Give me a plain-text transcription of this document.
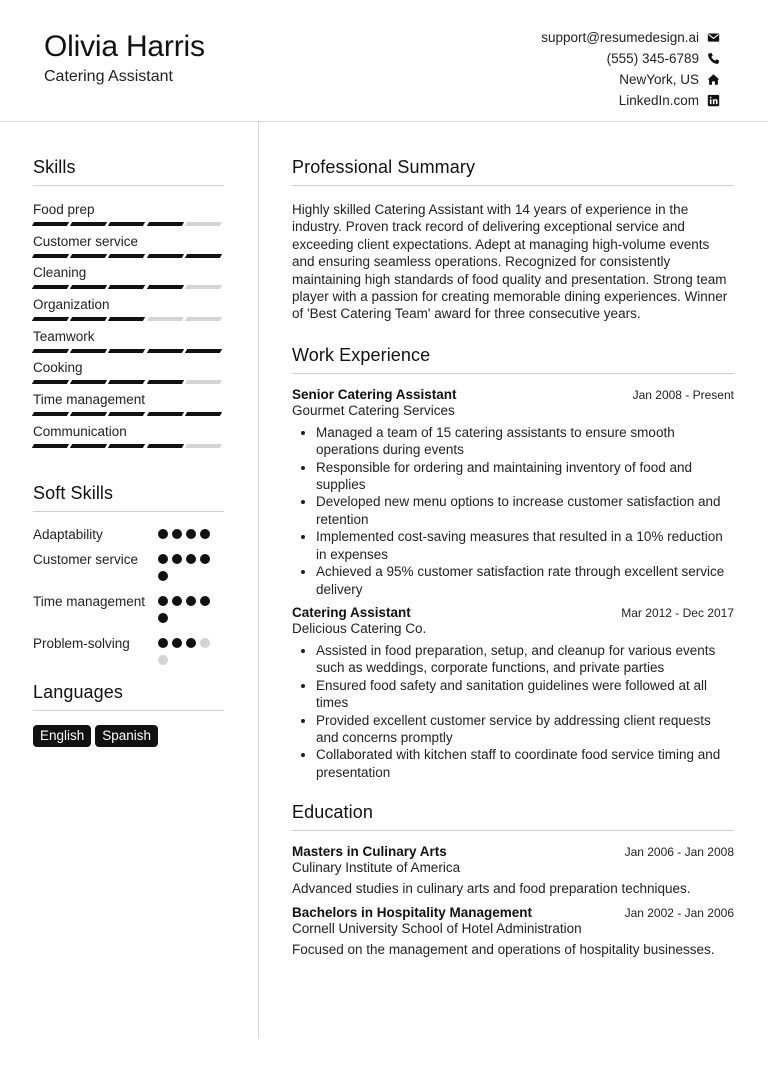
Olivia Harris
Catering Assistant
support@resumedesign.ai
(555) 345-6789
NewYork, US
LinkedIn.com
Skills
Food prep
Customer service
Cleaning
Organization
Teamwork
Cooking
Time management
Communication
Soft Skills
Adaptability
Customer service
Time management
Problem-solving
Languages
English	Spanish
Professional Summary
Highly skilled Catering Assistant with 14 years of experience in the industry. Proven track record of delivering exceptional service and exceeding client expectations. Adept at managing high-volume events and ensuring seamless operations. Recognized for consistently maintaining high standards of food quality and presentation. Strong team player with a passion for creating memorable dining experiences. Winner of 'Best Catering Team' award for three consecutive years.
Work Experience
Senior Catering Assistant	Jan 2008 - Present
Gourmet Catering Services
• Managed a team of 15 catering assistants to ensure smooth operations during events
• Responsible for ordering and maintaining inventory of food and supplies
• Developed new menu options to increase customer satisfaction and retention
• Implemented cost-saving measures that resulted in a 10% reduction in expenses
• Achieved a 95% customer satisfaction rate through excellent service delivery
Catering Assistant	Mar 2012 - Dec 2017
Delicious Catering Co.
• Assisted in food preparation, setup, and cleanup for various events such as weddings, corporate functions, and private parties
• Ensured food safety and sanitation guidelines were followed at all times
• Provided excellent customer service by addressing client requests and concerns promptly
• Collaborated with kitchen staff to coordinate food service timing and presentation
Education
Masters in Culinary Arts	Jan 2006 - Jan 2008
Culinary Institute of America
Advanced studies in culinary arts and food preparation techniques.
Bachelors in Hospitality Management	Jan 2002 - Jan 2006
Cornell University School of Hotel Administration
Focused on the management and operations of hospitality businesses.
